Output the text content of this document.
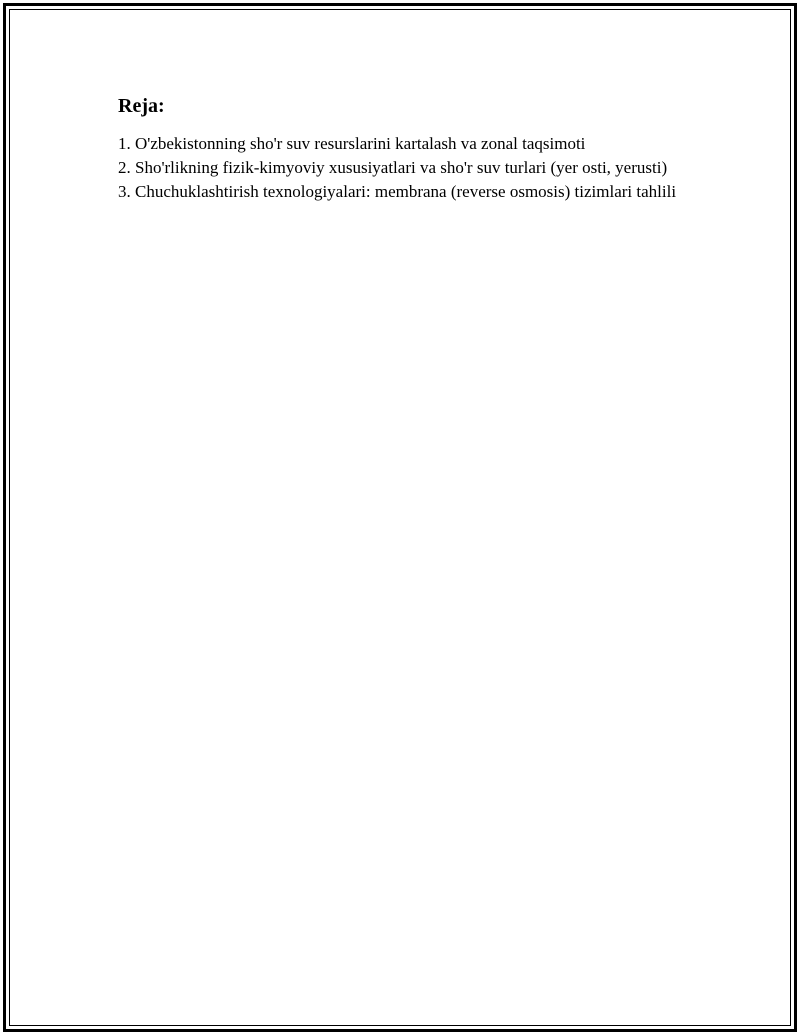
Reja:

1. O'zbekistonning sho'r suv resurslarini kartalash va zonal taqsimoti

2. Sho'rlikning fizik-kimyoviy xususiyatlari va sho'r suv turlari (yer osti, yerusti)

3. Chuchuklashtirish texnologiyalari: membrana (reverse osmosis) tizimlari tahlili
